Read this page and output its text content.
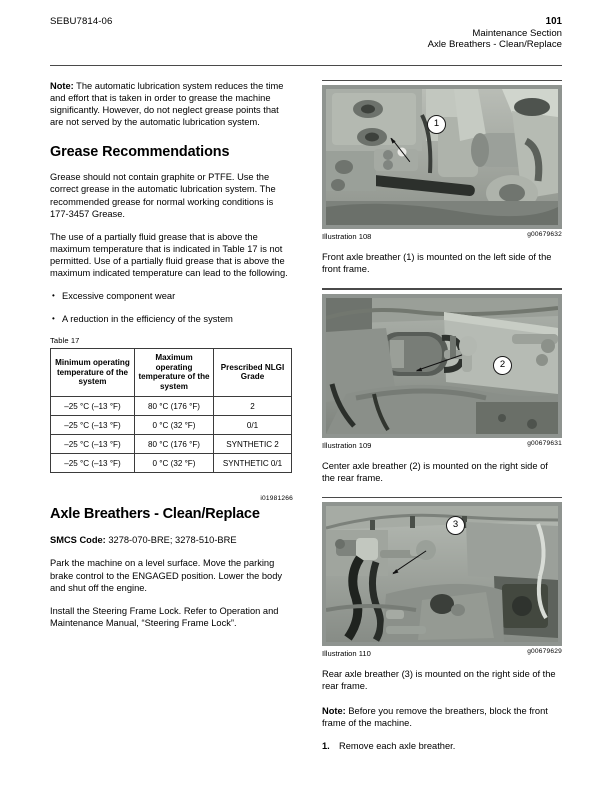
SEBU7814-06	101
Maintenance Section
Axle Breathers - Clean/Replace

Note: The automatic lubrication system reduces the time and effort that is taken in order to grease the machine significantly. However, do not neglect grease points that are not served by the automatic lubrication system.

Grease Recommendations

Grease should not contain graphite or PTFE. Use the correct grease in the automatic lubrication system. The recommended grease for normal working conditions is 177-3457 Grease.

The use of a partially fluid grease that is above the maximum temperature that is indicated in Table 17 is not permitted. Use of a partially fluid grease that is above the maximum indicated temperature can lead to the following.

• Excessive component wear
• A reduction in the efficiency of the system
Table 17
Minimum operating temperature of the system	Maximum operating temperature of the system	Prescribed NLGI Grade
–25 °C (–13 °F)	80 °C (176 °F)	2
–25 °C (–13 °F)	0 °C (32 °F)	0/1
–25 °C (–13 °F)	80 °C (176 °F)	SYNTHETIC 2
–25 °C (–13 °F)	0 °C (32 °F)	SYNTHETIC 0/1
i01981266
Axle Breathers - Clean/Replace

SMCS Code: 3278-070-BRE; 3278-510-BRE

Park the machine on a level surface. Move the parking brake control to the ENGAGED position. Lower the body and shut off the engine.

Install the Steering Frame Lock. Refer to Operation and Maintenance Manual, “Steering Frame Lock”.

1
Illustration 108	g00679632
Front axle breather (1) is mounted on the left side of the front frame.
2
Illustration 109	g00679631
Center axle breather (2) is mounted on the right side of the rear frame.
3
Illustration 110	g00679629
Rear axle breather (3) is mounted on the right side of the rear frame.

Note: Before you remove the breathers, block the front frame of the machine.

1. Remove each axle breather.
